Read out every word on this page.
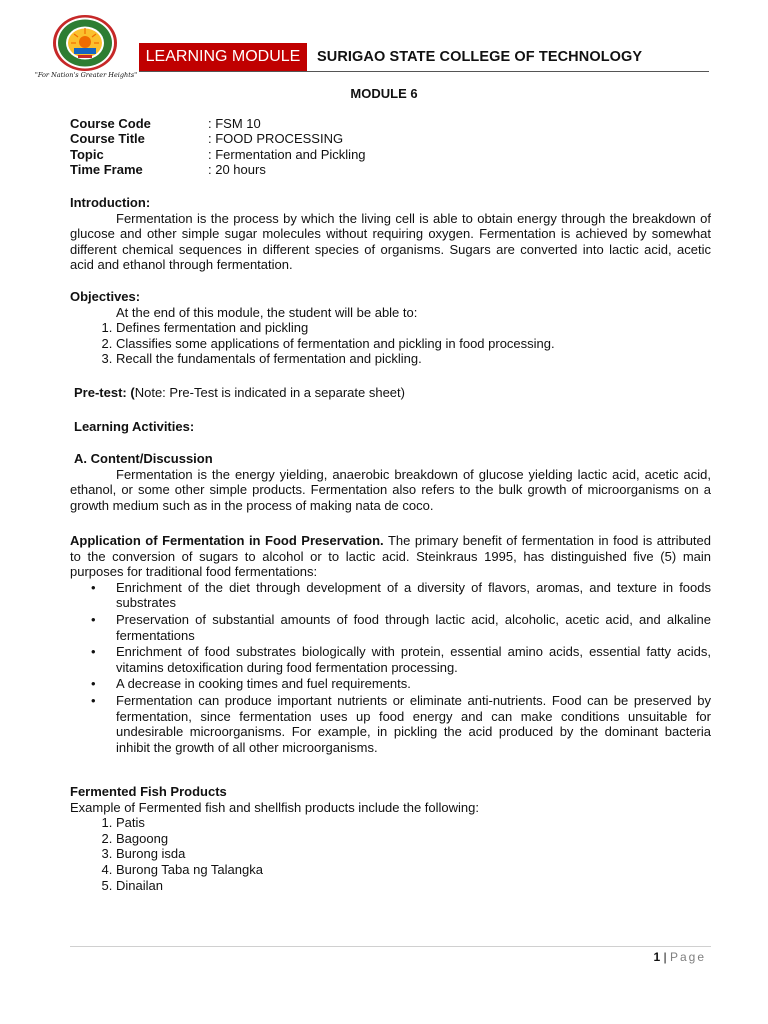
"For Nation's Greater Heights"
LEARNING MODULE	SURIGAO STATE COLLEGE OF TECHNOLOGY
MODULE 6
Course Code	: FSM 10
Course Title	: FOOD PROCESSING
Topic	: Fermentation and Pickling
Time Frame	: 20 hours
Introduction:
Fermentation is the process by which the living cell is able to obtain energy through the breakdown of glucose and other simple sugar molecules without requiring oxygen. Fermentation is achieved by somewhat different chemical sequences in different species of organisms. Sugars are converted into lactic acid, acetic acid and ethanol through fermentation.
Objectives:
At the end of this module, the student will be able to:
1. Defines fermentation and pickling
2. Classifies some applications of fermentation and pickling in food processing.
3. Recall the fundamentals of fermentation and pickling.
Pre-test: (Note: Pre-Test is indicated in a separate sheet)
Learning Activities:
A. Content/Discussion
Fermentation is the energy yielding, anaerobic breakdown of glucose yielding lactic acid, acetic acid, ethanol, or some other simple products. Fermentation also refers to the bulk growth of microorganisms on a growth medium such as in the process of making nata de coco.
Application of Fermentation in Food Preservation. The primary benefit of fermentation in food is attributed to the conversion of sugars to alcohol or to lactic acid. Steinkraus 1995, has distinguished five (5) main purposes for traditional food fermentations:
• Enrichment of the diet through development of a diversity of flavors, aromas, and texture in foods substrates
• Preservation of substantial amounts of food through lactic acid, alcoholic, acetic acid, and alkaline fermentations
• Enrichment of food substrates biologically with protein, essential amino acids, essential fatty acids, vitamins detoxification during food fermentation processing.
• A decrease in cooking times and fuel requirements.
• Fermentation can produce important nutrients or eliminate anti-nutrients. Food can be preserved by fermentation, since fermentation uses up food energy and can make conditions unsuitable for undesirable microorganisms. For example, in pickling the acid produced by the dominant bacteria inhibit the growth of all other microorganisms.
Fermented Fish Products
Example of Fermented fish and shellfish products include the following:
1. Patis
2. Bagoong
3. Burong isda
4. Burong Taba ng Talangka
5. Dinailan
1 | Page
